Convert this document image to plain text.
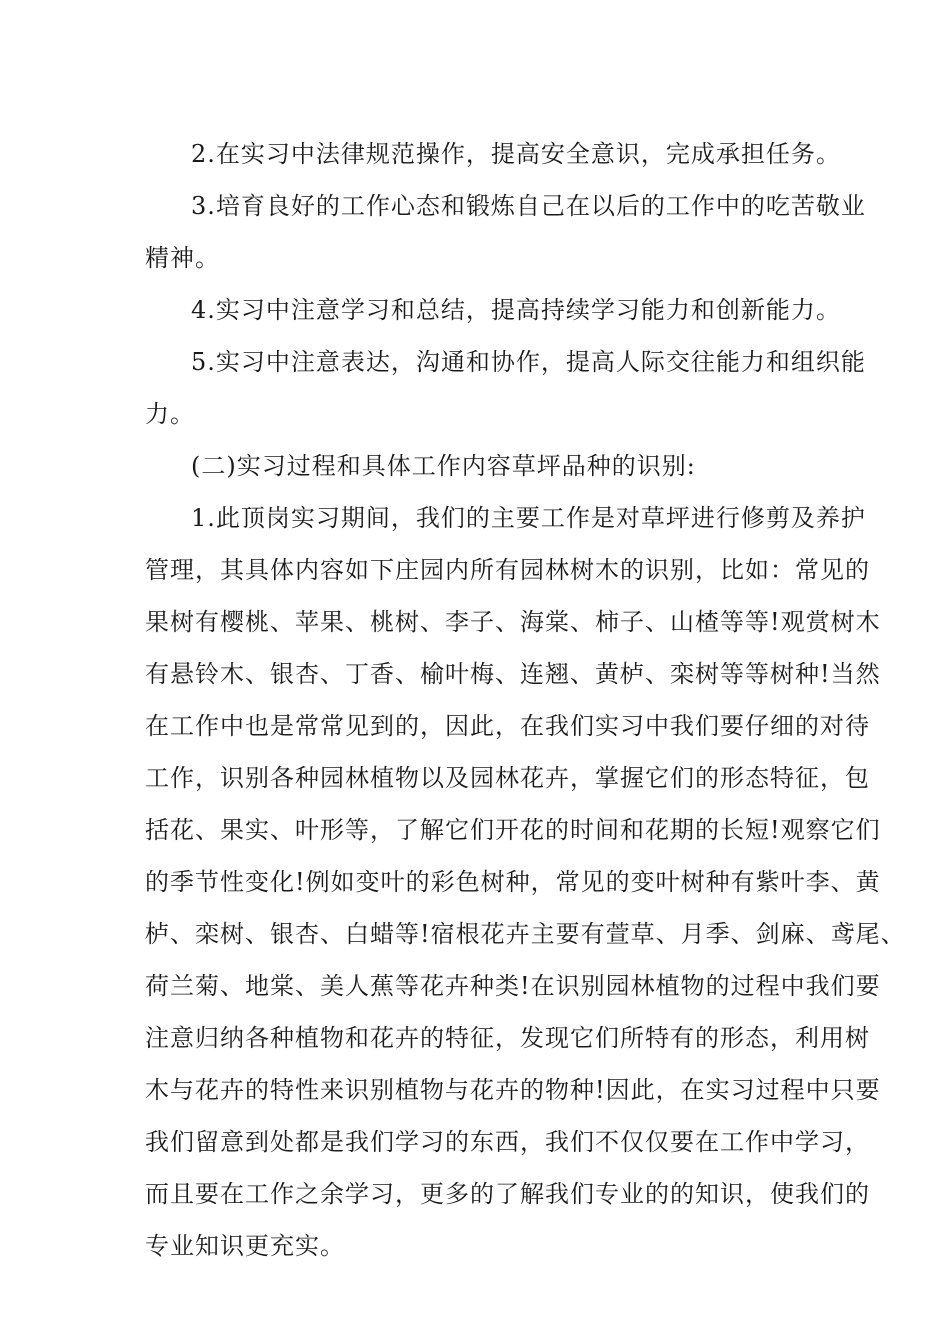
2.在实习中法律规范操作，提高安全意识，完成承担任务。
3.培育良好的工作心态和锻炼自己在以后的工作中的吃苦敬业
精神。
4.实习中注意学习和总结，提高持续学习能力和创新能力。
5.实习中注意表达，沟通和协作，提高人际交往能力和组织能
力。
(二)实习过程和具体工作内容草坪品种的识别:
1.此顶岗实习期间，我们的主要工作是对草坪进行修剪及养护
管理，其具体内容如下庄园内所有园林树木的识别，比如：常见的
果树有樱桃、苹果、桃树、李子、海棠、柿子、山楂等等!观赏树木
有悬铃木、银杏、丁香、榆叶梅、连翘、黄栌、栾树等等树种!当然
在工作中也是常常见到的，因此，在我们实习中我们要仔细的对待
工作，识别各种园林植物以及园林花卉，掌握它们的形态特征，包
括花、果实、叶形等，了解它们开花的时间和花期的长短!观察它们
的季节性变化!例如变叶的彩色树种，常见的变叶树种有紫叶李、黄
栌、栾树、银杏、白蜡等!宿根花卉主要有萱草、月季、剑麻、鸢尾、
荷兰菊、地棠、美人蕉等花卉种类!在识别园林植物的过程中我们要
注意归纳各种植物和花卉的特征，发现它们所特有的形态，利用树
木与花卉的特性来识别植物与花卉的物种!因此，在实习过程中只要
我们留意到处都是我们学习的东西，我们不仅仅要在工作中学习，
而且要在工作之余学习，更多的了解我们专业的的知识，使我们的
专业知识更充实。
